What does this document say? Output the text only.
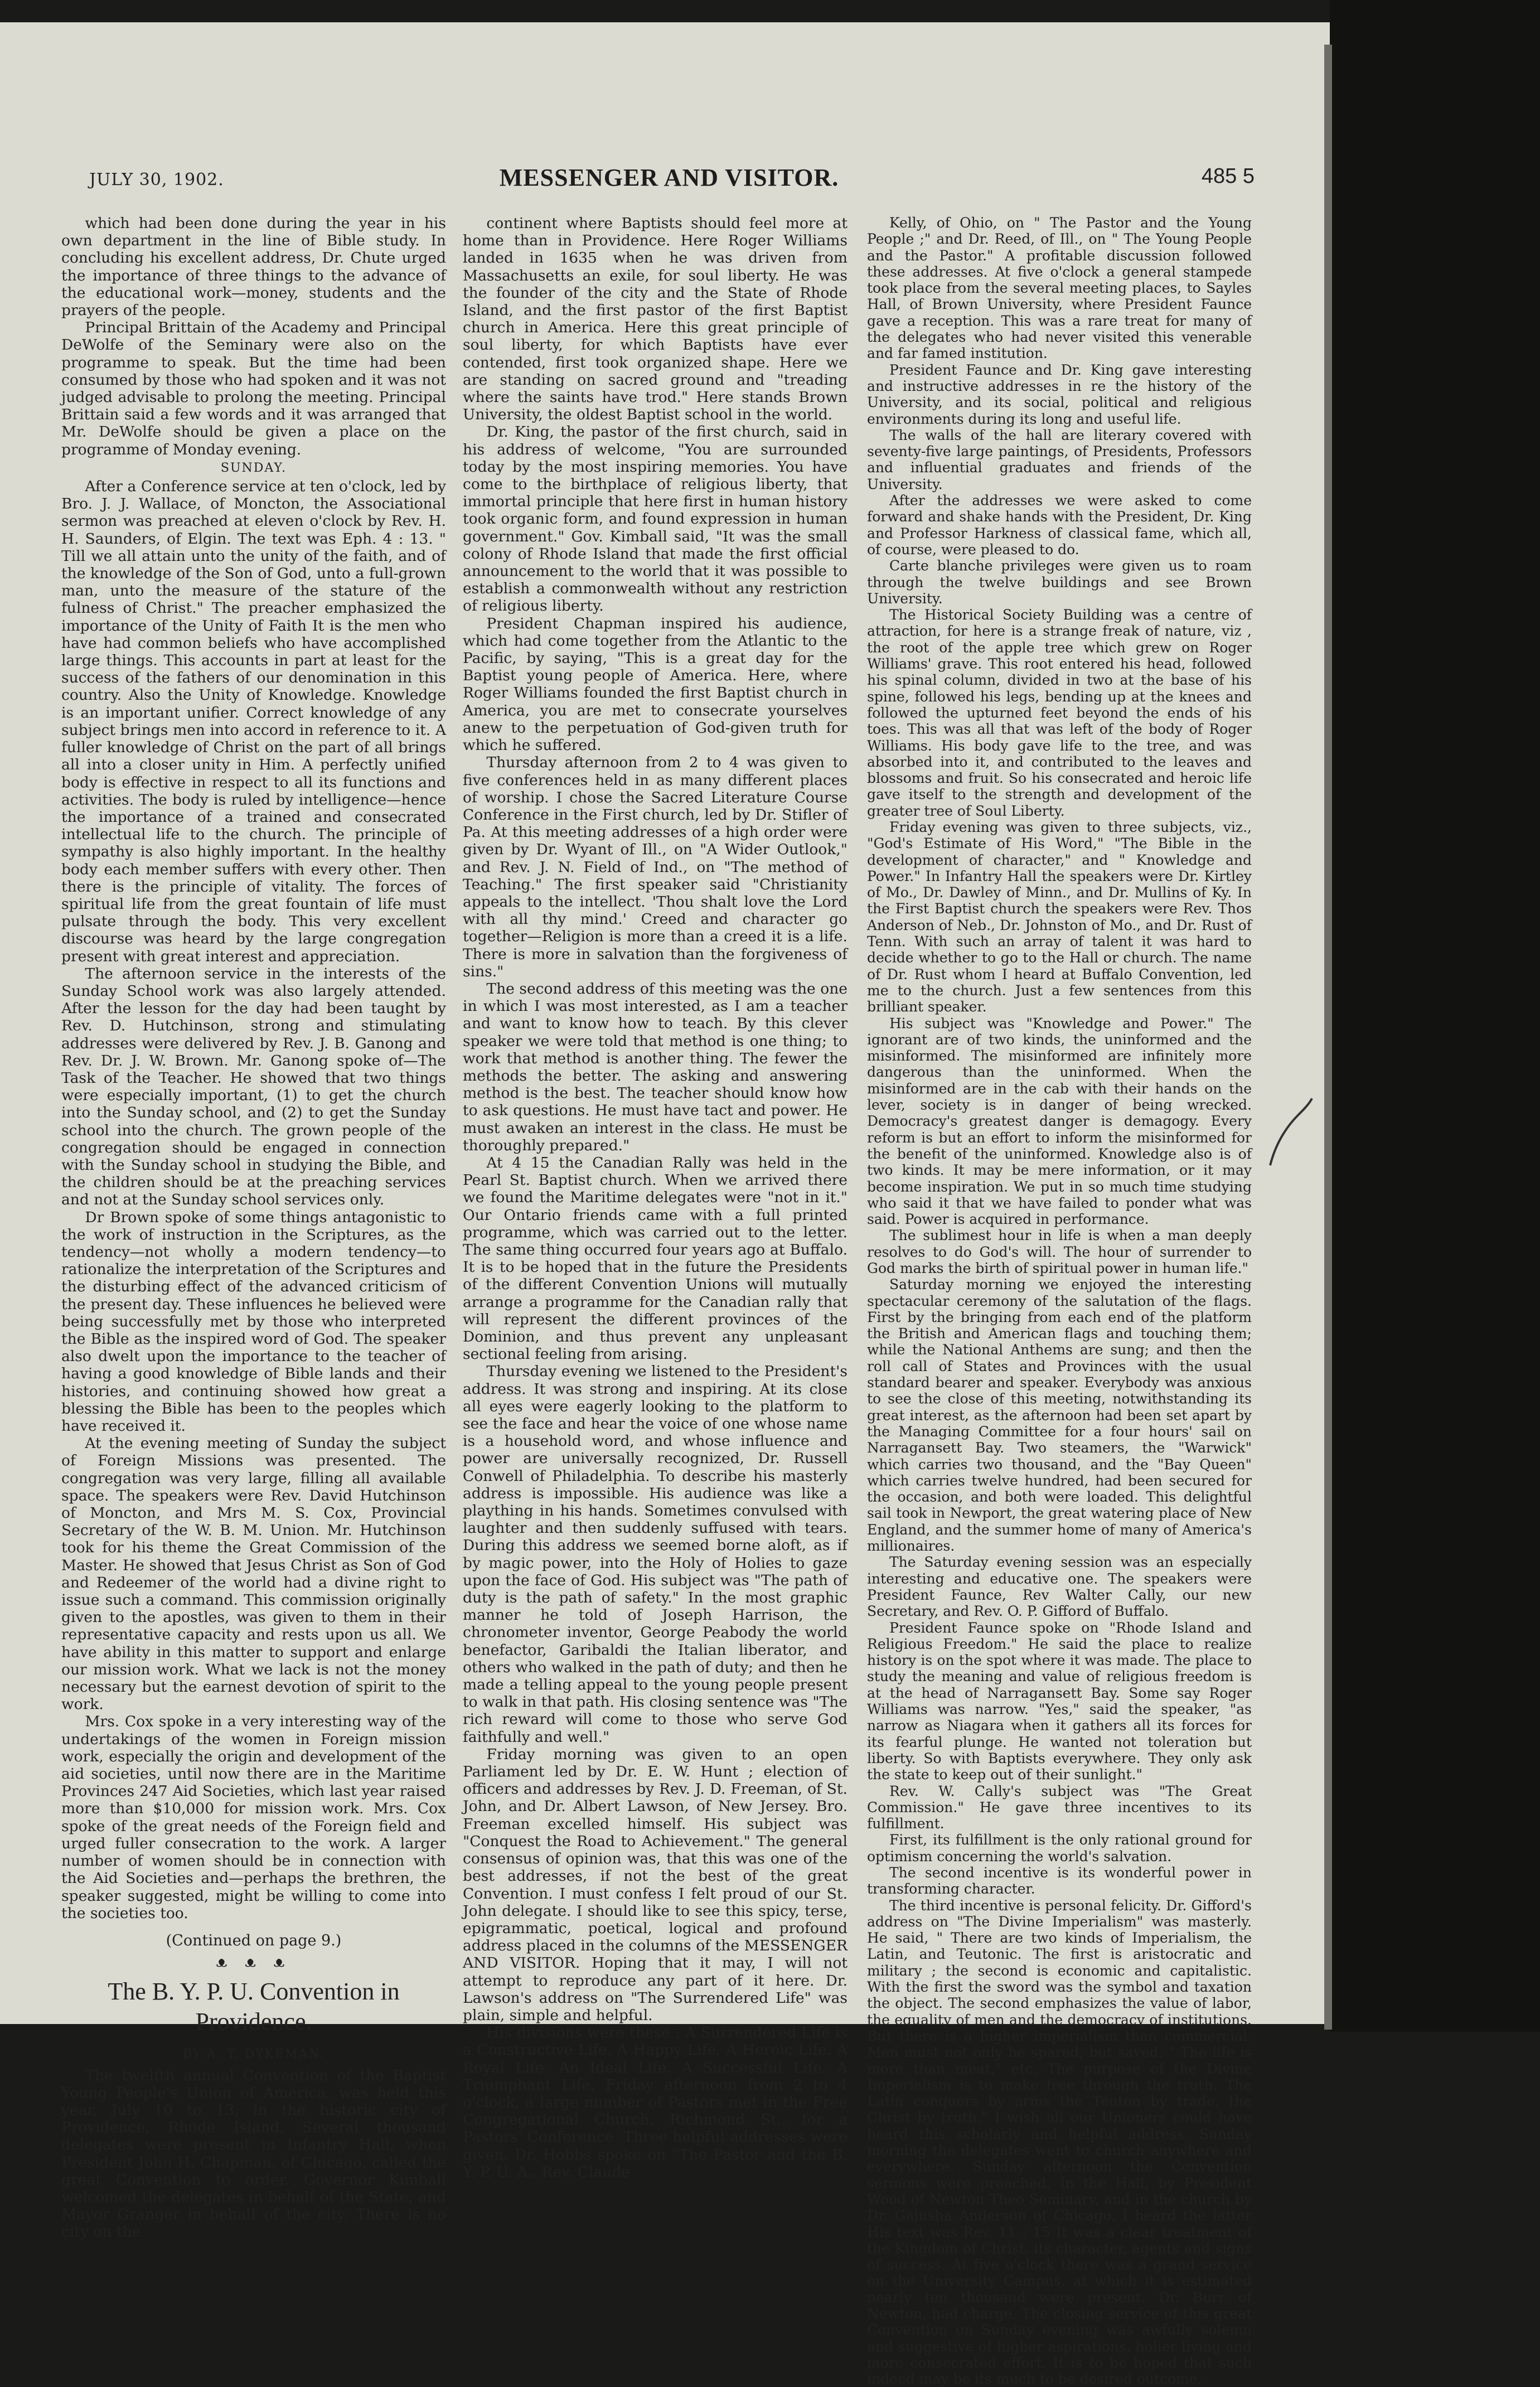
JULY 30, 1902.	MESSENGER AND VISITOR.	485 5

which had been done during the year in his own department in the line of Bible study. In concluding his excellent address, Dr. Chute urged the importance of three things to the advance of the educational work—money, students and the prayers of the people.

Principal Brittain of the Academy and Principal DeWolfe of the Seminary were also on the programme to speak. But the time had been consumed by those who had spoken and it was not judged advisable to prolong the meeting. Principal Brittain said a few words and it was arranged that Mr. DeWolfe should be given a place on the programme of Monday evening.

SUNDAY.

After a Conference service at ten o'clock, led by Bro. J. J. Wallace, of Moncton, the Associational sermon was preached at eleven o'clock by Rev. H. H. Saunders, of Elgin. The text was Eph. 4 : 13. " Till we all attain unto the unity of the faith, and of the knowledge of the Son of God, unto a full-grown man, unto the measure of the stature of the fulness of Christ." The preacher emphasized the importance of the Unity of Faith It is the men who have had common beliefs who have accomplished large things. This accounts in part at least for the success of the fathers of our denomination in this country. Also the Unity of Knowledge. Knowledge is an important unifier. Correct knowledge of any subject brings men into accord in reference to it. A fuller knowledge of Christ on the part of all brings all into a closer unity in Him. A perfectly unified body is effective in respect to all its functions and activities. The body is ruled by intelligence—hence the importance of a trained and consecrated intellectual life to the church. The principle of sympathy is also highly important. In the healthy body each member suffers with every other. Then there is the principle of vitality. The forces of spiritual life from the great fountain of life must pulsate through the body. This very excellent discourse was heard by the large congregation present with great interest and appreciation.

The afternoon service in the interests of the Sunday School work was also largely attended. After the lesson for the day had been taught by Rev. D. Hutchinson, strong and stimulating addresses were delivered by Rev. J. B. Ganong and Rev. Dr. J. W. Brown. Mr. Ganong spoke of—The Task of the Teacher. He showed that two things were especially important, (1) to get the church into the Sunday school, and (2) to get the Sunday school into the church. The grown people of the congregation should be engaged in connection with the Sunday school in studying the Bible, and the children should be at the preaching services and not at the Sunday school services only.

Dr Brown spoke of some things antagonistic to the work of instruction in the Scriptures, as the tendency—not wholly a modern tendency—to rationalize the interpretation of the Scriptures and the disturbing effect of the advanced criticism of the present day. These influences he believed were being successfully met by those who interpreted the Bible as the inspired word of God. The speaker also dwelt upon the importance to the teacher of having a good knowledge of Bible lands and their histories, and continuing showed how great a blessing the Bible has been to the peoples which have received it.

At the evening meeting of Sunday the subject of Foreign Missions was presented. The congregation was very large, filling all available space. The speakers were Rev. David Hutchinson of Moncton, and Mrs M. S. Cox, Provincial Secretary of the W. B. M. Union. Mr. Hutchinson took for his theme the Great Commission of the Master. He showed that Jesus Christ as Son of God and Redeemer of the world had a divine right to issue such a command. This commission originally given to the apostles, was given to them in their representative capacity and rests upon us all. We have ability in this matter to support and enlarge our mission work. What we lack is not the money necessary but the earnest devotion of spirit to the work.

Mrs. Cox spoke in a very interesting way of the undertakings of the women in Foreign mission work, especially the origin and development of the aid societies, until now there are in the Maritime Provinces 247 Aid Societies, which last year raised more than $10,000 for mission work. Mrs. Cox spoke of the great needs of the Foreign field and urged fuller consecration to the work. A larger number of women should be in connection with the Aid Societies and—perhaps the brethren, the speaker suggested, might be willing to come into the societies too.

(Continued on page 9.)

ᴥ ᴥ ᴥ

The B. Y. P. U. Convention in Providence.

BY A. T. DYKEMAN.

The twelfth annual Convention of the Baptist Young People's Union of America, was held this year, July 10 to 13, in the historic city of Providence, Rhode Island. Several thousand delegates were present in Infantry Hall, when President John H. Chapman, of Chicago, called the great Convention to order. Governor Kimball welcomed the delegates in behalf of the State; and Mayor Granger in behalf of the city. There is no city on the

continent where Baptists should feel more at home than in Providence. Here Roger Williams landed in 1635 when he was driven from Massachusetts an exile, for soul liberty. He was the founder of the city and the State of Rhode Island, and the first pastor of the first Baptist church in America. Here this great principle of soul liberty, for which Baptists have ever contended, first took organized shape. Here we are standing on sacred ground and "treading where the saints have trod." Here stands Brown University, the oldest Baptist school in the world.

Dr. King, the pastor of the first church, said in his address of welcome, "You are surrounded today by the most inspiring memories. You have come to the birthplace of religious liberty, that immortal principle that here first in human history took organic form, and found expression in human government." Gov. Kimball said, "It was the small colony of Rhode Island that made the first official announcement to the world that it was possible to establish a commonwealth without any restriction of religious liberty.

President Chapman inspired his audience, which had come together from the Atlantic to the Pacific, by saying, "This is a great day for the Baptist young people of America. Here, where Roger Williams founded the first Baptist church in America, you are met to consecrate yourselves anew to the perpetuation of God-given truth for which he suffered.

Thursday afternoon from 2 to 4 was given to five conferences held in as many different places of worship. I chose the Sacred Literature Course Conference in the First church, led by Dr. Stifler of Pa. At this meeting addresses of a high order were given by Dr. Wyant of Ill., on "A Wider Outlook," and Rev. J. N. Field of Ind., on "The method of Teaching." The first speaker said "Christianity appeals to the intellect. 'Thou shalt love the Lord with all thy mind.' Creed and character go together—Religion is more than a creed it is a life. There is more in salvation than the forgiveness of sins."

The second address of this meeting was the one in which I was most interested, as I am a teacher and want to know how to teach. By this clever speaker we were told that method is one thing; to work that method is another thing. The fewer the methods the better. The asking and answering method is the best. The teacher should know how to ask questions. He must have tact and power. He must awaken an interest in the class. He must be thoroughly prepared."

At 4 15 the Canadian Rally was held in the Pearl St. Baptist church. When we arrived there we found the Maritime delegates were "not in it." Our Ontario friends came with a full printed programme, which was carried out to the letter. The same thing occurred four years ago at Buffalo. It is to be hoped that in the future the Presidents of the different Convention Unions will mutually arrange a programme for the Canadian rally that will represent the different provinces of the Dominion, and thus prevent any unpleasant sectional feeling from arising.

Thursday evening we listened to the President's address. It was strong and inspiring. At its close all eyes were eagerly looking to the platform to see the face and hear the voice of one whose name is a household word, and whose influence and power are universally recognized, Dr. Russell Conwell of Philadelphia. To describe his masterly address is impossible. His audience was like a plaything in his hands. Sometimes convulsed with laughter and then suddenly suffused with tears. During this address we seemed borne aloft, as if by magic power, into the Holy of Holies to gaze upon the face of God. His subject was "The path of duty is the path of safety." In the most graphic manner he told of Joseph Harrison, the chronometer inventor, George Peabody the world benefactor, Garibaldi the Italian liberator, and others who walked in the path of duty; and then he made a telling appeal to the young people present to walk in that path. His closing sentence was "The rich reward will come to those who serve God faithfully and well."

Friday morning was given to an open Parliament led by Dr. E. W. Hunt ; election of officers and addresses by Rev. J. D. Freeman, of St. John, and Dr. Albert Lawson, of New Jersey. Bro. Freeman excelled himself. His subject was "Conquest the Road to Achievement." The general consensus of opinion was, that this was one of the best addresses, if not the best of the great Convention. I must confess I felt proud of our St. John delegate. I should like to see this spicy, terse, epigrammatic, poetical, logical and profound address placed in the columns of the MESSENGER AND VISITOR. Hoping that it may, I will not attempt to reproduce any part of it here. Dr. Lawson's address on "The Surrendered Life" was plain, simple and helpful.

His divisions were these : A Surrendered Life is a Constructive Life. A Happy Life. A Heroic Life. A Royal Life. An Ideal Life. A Successful Life. A Triumphant Life. Friday afternoon from 2 to 4 o'clock, a large number of Pastors met in the Free Congregational Church, Richmond St., for a Pastors' Conference. Three helpful addresses were given. Dr. Hobbs spoke on "The Pastor and the B. Y. P. U. A., Rev. Claude

Kelly, of Ohio, on " The Pastor and the Young People ;" and Dr. Reed, of Ill., on " The Young People and the Pastor." A profitable discussion followed these addresses. At five o'clock a general stampede took place from the several meeting places, to Sayles Hall, of Brown University, where President Faunce gave a reception. This was a rare treat for many of the delegates who had never visited this venerable and far famed institution.

President Faunce and Dr. King gave interesting and instructive addresses in re the history of the University, and its social, political and religious environments during its long and useful life.

The walls of the hall are literary covered with seventy-five large paintings, of Presidents, Professors and influential graduates and friends of the University.

After the addresses we were asked to come forward and shake hands with the President, Dr. King and Professor Harkness of classical fame, which all, of course, were pleased to do.

Carte blanche privileges were given us to roam through the twelve buildings and see Brown University.

The Historical Society Building was a centre of attraction, for here is a strange freak of nature, viz , the root of the apple tree which grew on Roger Williams' grave. This root entered his head, followed his spinal column, divided in two at the base of his spine, followed his legs, bending up at the knees and followed the upturned feet beyond the ends of his toes. This was all that was left of the body of Roger Williams. His body gave life to the tree, and was absorbed into it, and contributed to the leaves and blossoms and fruit. So his consecrated and heroic life gave itself to the strength and development of the greater tree of Soul Liberty.

Friday evening was given to three subjects, viz., "God's Estimate of His Word," "The Bible in the development of character," and " Knowledge and Power." In Infantry Hall the speakers were Dr. Kirtley of Mo., Dr. Dawley of Minn., and Dr. Mullins of Ky. In the First Baptist church the speakers were Rev. Thos Anderson of Neb., Dr. Johnston of Mo., and Dr. Rust of Tenn. With such an array of talent it was hard to decide whether to go to the Hall or church. The name of Dr. Rust whom I heard at Buffalo Convention, led me to the church. Just a few sentences from this brilliant speaker.

His subject was "Knowledge and Power." The ignorant are of two kinds, the uninformed and the misinformed. The misinformed are infinitely more dangerous than the uninformed. When the misinformed are in the cab with their hands on the lever, society is in danger of being wrecked. Democracy's greatest danger is demagogy. Every reform is but an effort to inform the misinformed for the benefit of the uninformed. Knowledge also is of two kinds. It may be mere information, or it may become inspiration. We put in so much time studying who said it that we have failed to ponder what was said. Power is acquired in performance.

The sublimest hour in life is when a man deeply resolves to do God's will. The hour of surrender to God marks the birth of spiritual power in human life."

Saturday morning we enjoyed the interesting spectacular ceremony of the salutation of the flags. First by the bringing from each end of the platform the British and American flags and touching them; while the National Anthems are sung; and then the roll call of States and Provinces with the usual standard bearer and speaker. Everybody was anxious to see the close of this meeting, notwithstanding its great interest, as the afternoon had been set apart by the Managing Committee for a four hours' sail on Narragansett Bay. Two steamers, the "Warwick" which carries two thousand, and the "Bay Queen" which carries twelve hundred, had been secured for the occasion, and both were loaded. This delightful sail took in Newport, the great watering place of New England, and the summer home of many of America's millionaires.

The Saturday evening session was an especially interesting and educative one. The speakers were President Faunce, Rev Walter Cally, our new Secretary, and Rev. O. P. Gifford of Buffalo.

President Faunce spoke on "Rhode Island and Religious Freedom." He said the place to realize history is on the spot where it was made. The place to study the meaning and value of religious freedom is at the head of Narragansett Bay. Some say Roger Williams was narrow. "Yes," said the speaker, "as narrow as Niagara when it gathers all its forces for its fearful plunge. He wanted not toleration but liberty. So with Baptists everywhere. They only ask the state to keep out of their sunlight."

Rev. W. Cally's subject was "The Great Commission." He gave three incentives to its fulfillment.

First, its fulfillment is the only rational ground for optimism concerning the world's salvation.

The second incentive is its wonderful power in transforming character.

The third incentive is personal felicity. Dr. Gifford's address on "The Divine Imperialism" was masterly. He said, " There are two kinds of Imperialism, the Latin, and Teutonic. The first is aristocratic and military ; the second is economic and capitalistic. With the first the sword was the symbol and taxation the object. The second emphasizes the value of labor, the equality of men and the democracy of institutions. But there is a higher imperialism than commercial. Men must not only be spared, but saved. " The life is more than meat," etc. The purpose of the Divine Imperialism is to make free through the truth. The Latin conquers by arms the Teuton by trade, the Christ by truth." I wish all our Unioners could have heard this scholarly and helpful address. Sunday morning the delegates went to church anywhere and everywhere. Sunday afternoon the Convention sermons were preached. In the Hall, by President Wood of Newton Theo Seminary, and in the church by Dr. Galusha Anderson of Chicago. I heard the latter His text was Rev. 11 : 15 It was a clear treatment of the Kingdom of Christ, its character, agents and signs of success. At five o'clock there was a grand service on the University Campus, at which it is estimated nearly ten thousand were present. Dr. Burr of Newton, had charge. The closing service of this great Convention on Sunday evening was awfully solemn and suggestive of higher aspirations, holier living and more consecrated effort. It is to be hoped that such indeed may be its much to be desired outcome.
